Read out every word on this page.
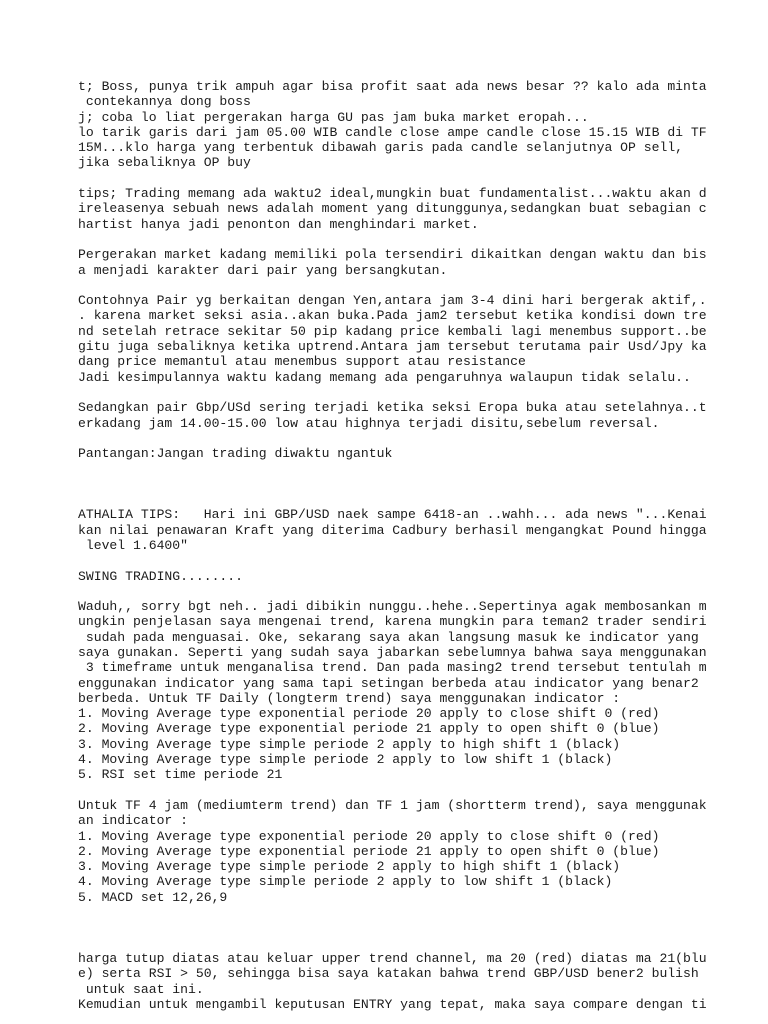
t; Boss, punya trik ampuh agar bisa profit saat ada news besar ?? kalo ada minta
contekannya dong boss
j; coba lo liat pergerakan harga GU pas jam buka market eropah...
lo tarik garis dari jam 05.00 WIB candle close ampe candle close 15.15 WIB di TF
15M...klo harga yang terbentuk dibawah garis pada candle selanjutnya OP sell,
jika sebaliknya OP buy
tips; Trading memang ada waktu2 ideal,mungkin buat fundamentalist...waktu akan d
ireleasenya sebuah news adalah moment yang ditunggunya,sedangkan buat sebagian c
hartist hanya jadi penonton dan menghindari market.
Pergerakan market kadang memiliki pola tersendiri dikaitkan dengan waktu dan bis
a menjadi karakter dari pair yang bersangkutan.
Contohnya Pair yg berkaitan dengan Yen,antara jam 3-4 dini hari bergerak aktif,.
. karena market seksi asia..akan buka.Pada jam2 tersebut ketika kondisi down tre
nd setelah retrace sekitar 50 pip kadang price kembali lagi menembus support..be
gitu juga sebaliknya ketika uptrend.Antara jam tersebut terutama pair Usd/Jpy ka
dang price memantul atau menembus support atau resistance
Jadi kesimpulannya waktu kadang memang ada pengaruhnya walaupun tidak selalu..
Sedangkan pair Gbp/USd sering terjadi ketika seksi Eropa buka atau setelahnya..t
erkadang jam 14.00-15.00 low atau highnya terjadi disitu,sebelum reversal.
Pantangan:Jangan trading diwaktu ngantuk
ATHALIA TIPS:   Hari ini GBP/USD naek sampe 6418-an ..wahh... ada news "...Kenai
kan nilai penawaran Kraft yang diterima Cadbury berhasil mengangkat Pound hingga
level 1.6400"
SWING TRADING........
Waduh,, sorry bgt neh.. jadi dibikin nunggu..hehe..Sepertinya agak membosankan m
ungkin penjelasan saya mengenai trend, karena mungkin para teman2 trader sendiri
sudah pada menguasai. Oke, sekarang saya akan langsung masuk ke indicator yang
saya gunakan. Seperti yang sudah saya jabarkan sebelumnya bahwa saya menggunakan
3 timeframe untuk menganalisa trend. Dan pada masing2 trend tersebut tentulah m
enggunakan indicator yang sama tapi setingan berbeda atau indicator yang benar2
berbeda. Untuk TF Daily (longterm trend) saya menggunakan indicator :
1. Moving Average type exponential periode 20 apply to close shift 0 (red)
2. Moving Average type exponential periode 21 apply to open shift 0 (blue)
3. Moving Average type simple periode 2 apply to high shift 1 (black)
4. Moving Average type simple periode 2 apply to low shift 1 (black)
5. RSI set time periode 21
Untuk TF 4 jam (mediumterm trend) dan TF 1 jam (shortterm trend), saya menggunak
an indicator :
1. Moving Average type exponential periode 20 apply to close shift 0 (red)
2. Moving Average type exponential periode 21 apply to open shift 0 (blue)
3. Moving Average type simple periode 2 apply to high shift 1 (black)
4. Moving Average type simple periode 2 apply to low shift 1 (black)
5. MACD set 12,26,9
harga tutup diatas atau keluar upper trend channel, ma 20 (red) diatas ma 21(blu
e) serta RSI > 50, sehingga bisa saya katakan bahwa trend GBP/USD bener2 bulish
untuk saat ini.
Kemudian untuk mengambil keputusan ENTRY yang tepat, maka saya compare dengan ti
